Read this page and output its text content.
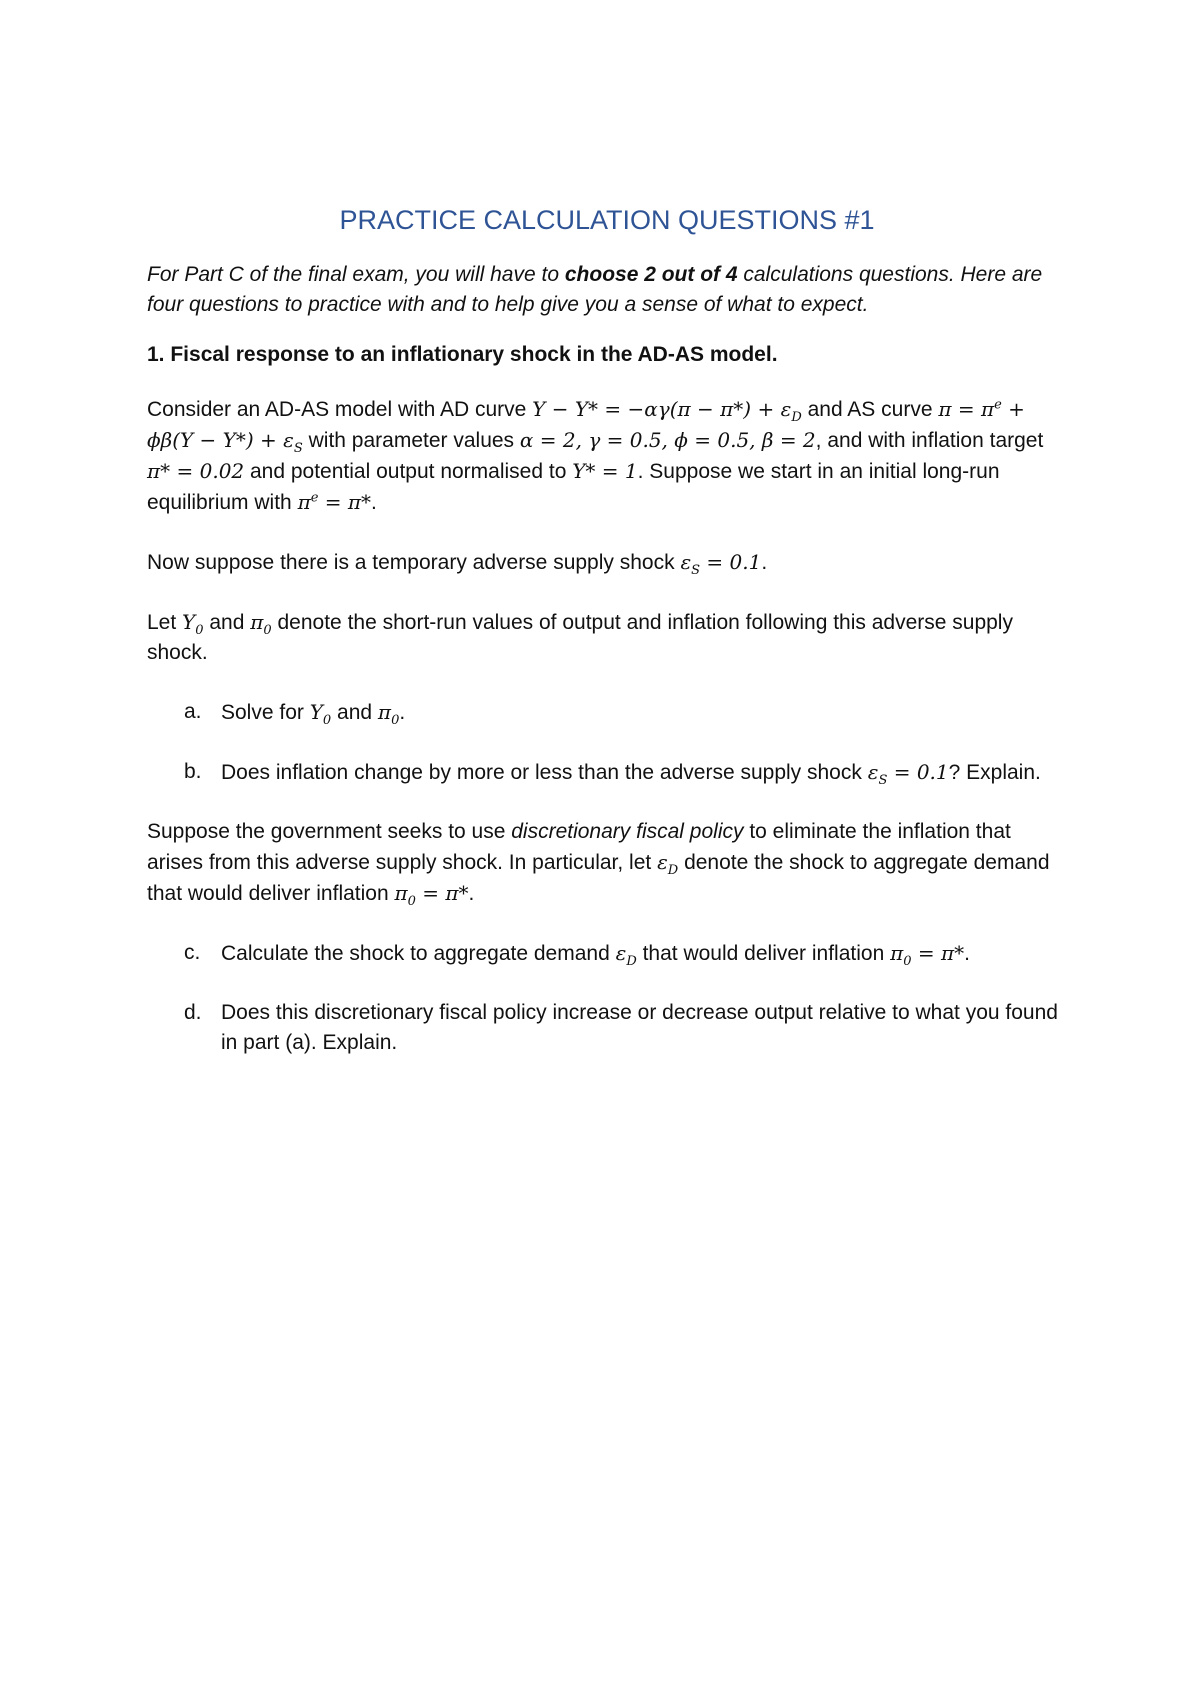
PRACTICE CALCULATION QUESTIONS #1

For Part C of the final exam, you will have to choose 2 out of 4 calculations questions. Here are four questions to practice with and to help give you a sense of what to expect.

1. Fiscal response to an inflationary shock in the AD-AS model.

Consider an AD-AS model with AD curve $Y - Y* = -\alpha\gamma(\pi - \pi*) + \varepsilon_D$ and AS curve $\pi = \pi^e + \phi\beta(Y - Y*) + \varepsilon_S$ with parameter values α = 2, γ = 0.5, ϕ = 0.5, β = 2, and with inflation target π* = 0.02 and potential output normalised to Y* = 1. Suppose we start in an initial long-run equilibrium with $\pi^e = \pi*$.

Now suppose there is a temporary adverse supply shock $\varepsilon_S = 0.1$.

Let $Y_0$ and $\pi_0$ denote the short-run values of output and inflation following this adverse supply shock.

a. Solve for $Y_0$ and $\pi_0$.
b. Does inflation change by more or less than the adverse supply shock $\varepsilon_S = 0.1$? Explain.

Suppose the government seeks to use discretionary fiscal policy to eliminate the inflation that arises from this adverse supply shock. In particular, let $\varepsilon_D$ denote the shock to aggregate demand that would deliver inflation $\pi_0 = \pi*$.

c. Calculate the shock to aggregate demand $\varepsilon_D$ that would deliver inflation $\pi_0 = \pi*$.
d. Does this discretionary fiscal policy increase or decrease output relative to what you found in part (a). Explain.
